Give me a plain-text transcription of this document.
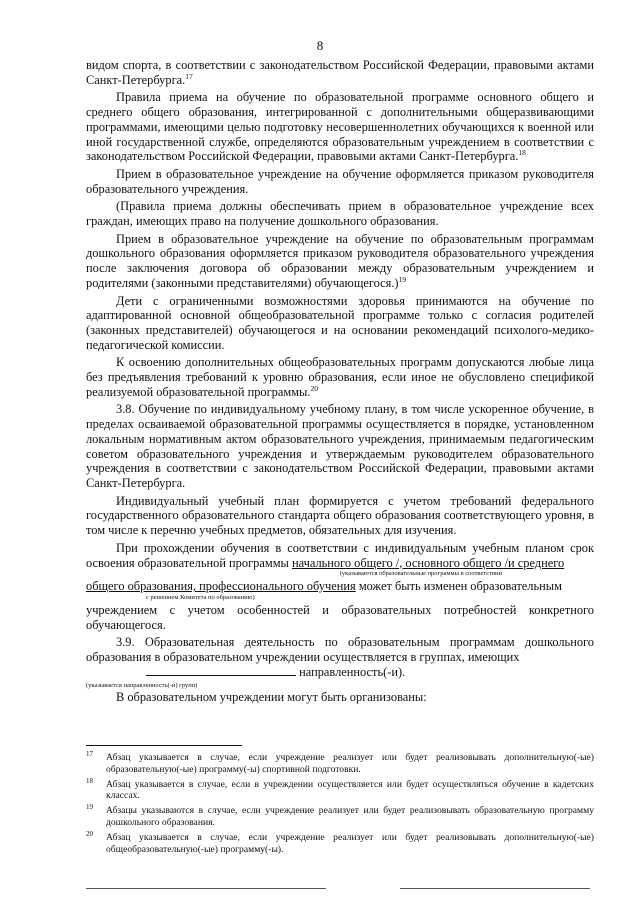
8

видом спорта, в соответствии с законодательством Российской Федерации, правовыми актами Санкт-Петербурга.$^{17}$

Правила приема на обучение по образовательной программе основного общего и среднего общего образования, интегрированной с дополнительными общеразвивающими программами, имеющими целью подготовку несовершеннолетних обучающихся к военной или иной государственной службе, определяются образовательным учреждением в соответствии с законодательством Российской Федерации, правовыми актами Санкт-Петербурга.$^{18}$

Прием в образовательное учреждение на обучение оформляется приказом руководителя образовательного учреждения.

(Правила приема должны обеспечивать прием в образовательное учреждение всех граждан, имеющих право на получение дошкольного образования.

Прием в образовательное учреждение на обучение по образовательным программам дошкольного образования оформляется приказом руководителя образовательного учреждения после заключения договора об образовании между образовательным учреждением и родителями (законными представителями) обучающегося.)$^{19}$

Дети с ограниченными возможностями здоровья принимаются на обучение по адаптированной основной общеобразовательной программе только с согласия родителей (законных представителей) обучающегося и на основании рекомендаций психолого-медико-педагогической комиссии.

К освоению дополнительных общеобразовательных программ допускаются любые лица без предъявления требований к уровню образования, если иное не обусловлено спецификой реализуемой образовательной программы.$^{20}$

3.8. Обучение по индивидуальному учебному плану, в том числе ускоренное обучение, в пределах осваиваемой образовательной программы осуществляется в порядке, установленном локальным нормативным актом образовательного учреждения, принимаемым педагогическим советом образовательного учреждения и утверждаемым руководителем образовательного учреждения в соответствии с законодательством Российской Федерации, правовыми актами Санкт-Петербурга.

Индивидуальный учебный план формируется с учетом требований федерального государственного образовательного стандарта общего образования соответствующего уровня, в том числе к перечню учебных предметов, обязательных для изучения.

При прохождении обучения в соответствии с индивидуальным учебным планом срок освоения образовательной программы начального общего /, основного общего /и среднего

(указываются образовательные программы в соответствии

общего образования, профессионального обучения может быть изменен образовательным

с решением Комитета по образованию)

учреждением с учетом особенностей и образовательных потребностей конкретного обучающегося.

3.9. Образовательная деятельность по образовательным программам дошкольного образования в образовательном учреждении осуществляется в группах, имеющих
направленность(-и).

(указывается направленность(-и) групп)

В образовательном учреждении могут быть организованы:

17 Абзац указывается в случае, если учреждение реализует или будет реализовывать дополнительную(-ые) образовательную(-ые) программу(-ы) спортивной подготовки.
18 Абзац указывается в случае, если в учреждении осуществляется или будет осуществляться обучение в кадетских классах.
19 Абзацы указываются в случае, если учреждение реализует или будет реализовывать образовательную программу дошкольного образования.
20 Абзац указывается в случае, если учреждение реализует или будет реализовывать дополнительную(-ые) общеобразовательную(-ые) программу(-ы).
